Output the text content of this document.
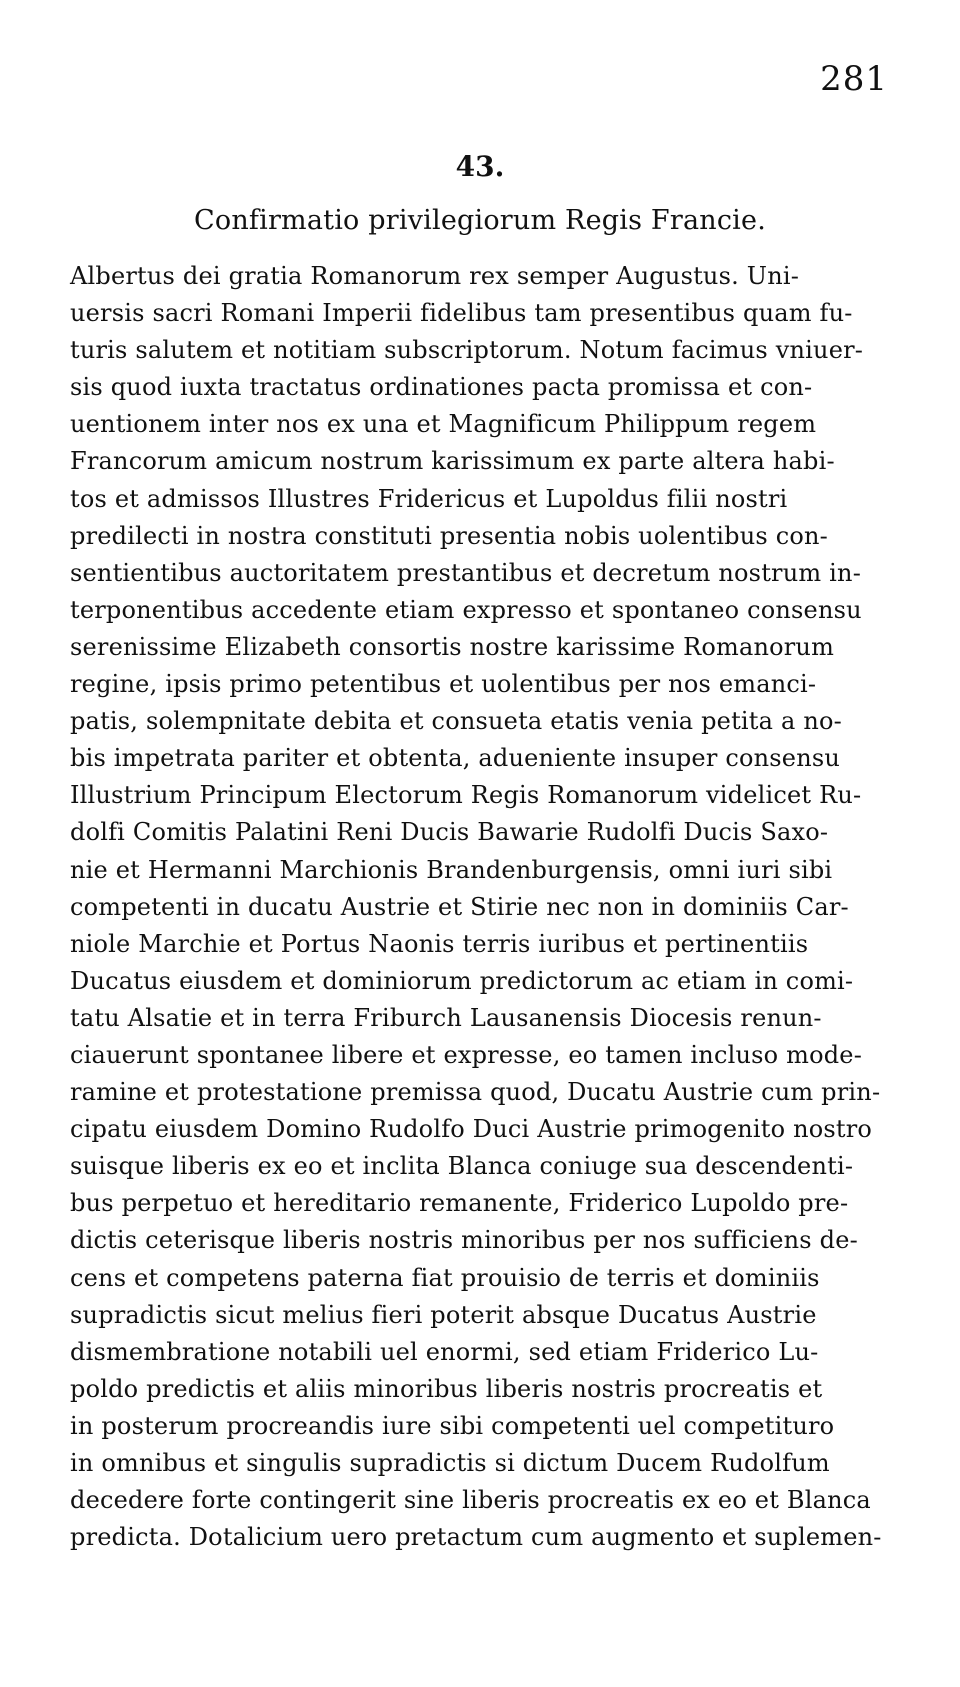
281
43.
Confirmatio privilegiorum Regis Francie.
Albertus dei gratia Romanorum rex semper Augustus. Uni-
uersis sacri Romani Imperii fidelibus tam presentibus quam fu-
turis salutem et notitiam subscriptorum. Notum facimus vniuer-
sis quod iuxta tractatus ordinationes pacta promissa et con-
uentionem inter nos ex una et Magnificum Philippum regem
Francorum amicum nostrum karissimum ex parte altera habi-
tos et admissos Illustres Fridericus et Lupoldus filii nostri
predilecti in nostra constituti presentia nobis uolentibus con-
sentientibus auctoritatem prestantibus et decretum nostrum in-
terponentibus accedente etiam expresso et spontaneo consensu
serenissime Elizabeth consortis nostre karissime Romanorum
regine, ipsis primo petentibus et uolentibus per nos emanci-
patis, solempnitate debita et consueta etatis venia petita a no-
bis impetrata pariter et obtenta, adueniente insuper consensu
Illustrium Principum Electorum Regis Romanorum videlicet Ru-
dolfi Comitis Palatini Reni Ducis Bawarie Rudolfi Ducis Saxo-
nie et Hermanni Marchionis Brandenburgensis, omni iuri sibi
competenti in ducatu Austrie et Stirie nec non in dominiis Car-
niole Marchie et Portus Naonis terris iuribus et pertinentiis
Ducatus eiusdem et dominiorum predictorum ac etiam in comi-
tatu Alsatie et in terra Friburch Lausanensis Diocesis renun-
ciauerunt spontanee libere et expresse, eo tamen incluso mode-
ramine et protestatione premissa quod, Ducatu Austrie cum prin-
cipatu eiusdem Domino Rudolfo Duci Austrie primogenito nostro
suisque liberis ex eo et inclita Blanca coniuge sua descendenti-
bus perpetuo et hereditario remanente, Friderico Lupoldo pre-
dictis ceterisque liberis nostris minoribus per nos sufficiens de-
cens et competens paterna fiat prouisio de terris et dominiis
supradictis sicut melius fieri poterit absque Ducatus Austrie
dismembratione notabili uel enormi, sed etiam Friderico Lu-
poldo predictis et aliis minoribus liberis nostris procreatis et
in posterum procreandis iure sibi competenti uel competituro
in omnibus et singulis supradictis si dictum Ducem Rudolfum
decedere forte contingerit sine liberis procreatis ex eo et Blanca
predicta. Dotalicium uero pretactum cum augmento et suplemen-
